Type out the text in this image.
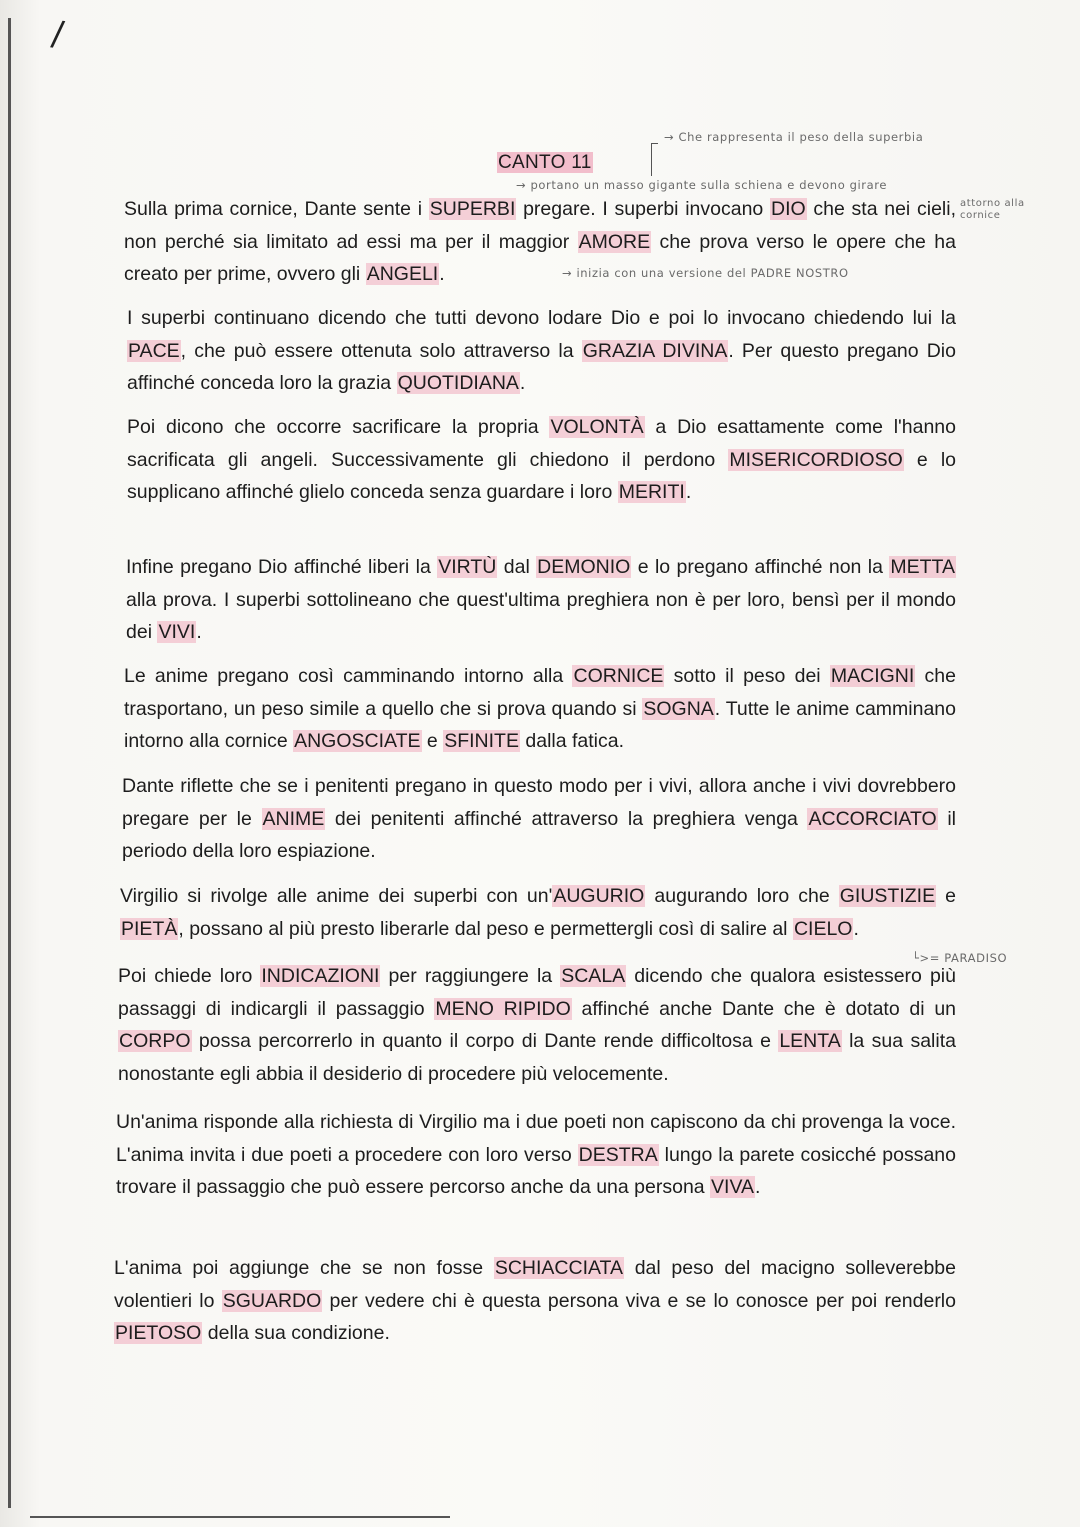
/
CANTO 11
→ Che rappresenta il peso della superbia
→ portano un masso gigante sulla schiena e devono girare
attorno alla cornice
→ inizia con una versione del PADRE NOSTRO
└>= PARADISO
Sulla prima cornice, Dante sente i SUPERBI pregare. I superbi invocano DIO che sta nei cieli, non perché sia limitato ad essi ma per il maggior AMORE che prova verso le opere che ha creato per prime, ovvero gli ANGELI.
I superbi continuano dicendo che tutti devono lodare Dio e poi lo invocano chiedendo lui la PACE, che può essere ottenuta solo attraverso la GRAZIA DIVINA. Per questo pregano Dio affinché conceda loro la grazia QUOTIDIANA.
Poi dicono che occorre sacrificare la propria VOLONTÀ a Dio esattamente come l'hanno sacrificata gli angeli. Successivamente gli chiedono il perdono MISERICORDIOSO e lo supplicano affinché glielo conceda senza guardare i loro MERITI.
Infine pregano Dio affinché liberi la VIRTÙ dal DEMONIO e lo pregano affinché non la METTA alla prova. I superbi sottolineano che quest'ultima preghiera non è per loro, bensì per il mondo dei VIVI.
Le anime pregano così camminando intorno alla CORNICE sotto il peso dei MACIGNI che trasportano, un peso simile a quello che si prova quando si SOGNA. Tutte le anime camminano intorno alla cornice ANGOSCIATE e SFINITE dalla fatica.
Dante riflette che se i penitenti pregano in questo modo per i vivi, allora anche i vivi dovrebbero pregare per le ANIME dei penitenti affinché attraverso la preghiera venga ACCORCIATO il periodo della loro espiazione.
Virgilio si rivolge alle anime dei superbi con un'AUGURIO augurando loro che GIUSTIZIE e PIETÀ, possano al più presto liberarle dal peso e permettergli così di salire al CIELO.
Poi chiede loro INDICAZIONI per raggiungere la SCALA dicendo che qualora esistessero più passaggi di indicargli il passaggio MENO RIPIDO affinché anche Dante che è dotato di un CORPO possa percorrerlo in quanto il corpo di Dante rende difficoltosa e LENTA la sua salita nonostante egli abbia il desiderio di procedere più velocemente.
Un'anima risponde alla richiesta di Virgilio ma i due poeti non capiscono da chi provenga la voce. L'anima invita i due poeti a procedere con loro verso DESTRA lungo la parete cosicché possano trovare il passaggio che può essere percorso anche da una persona VIVA.
L'anima poi aggiunge che se non fosse SCHIACCIATA dal peso del macigno solleverebbe volentieri lo SGUARDO per vedere chi è questa persona viva e se lo conosce per poi renderlo PIETOSO della sua condizione.
